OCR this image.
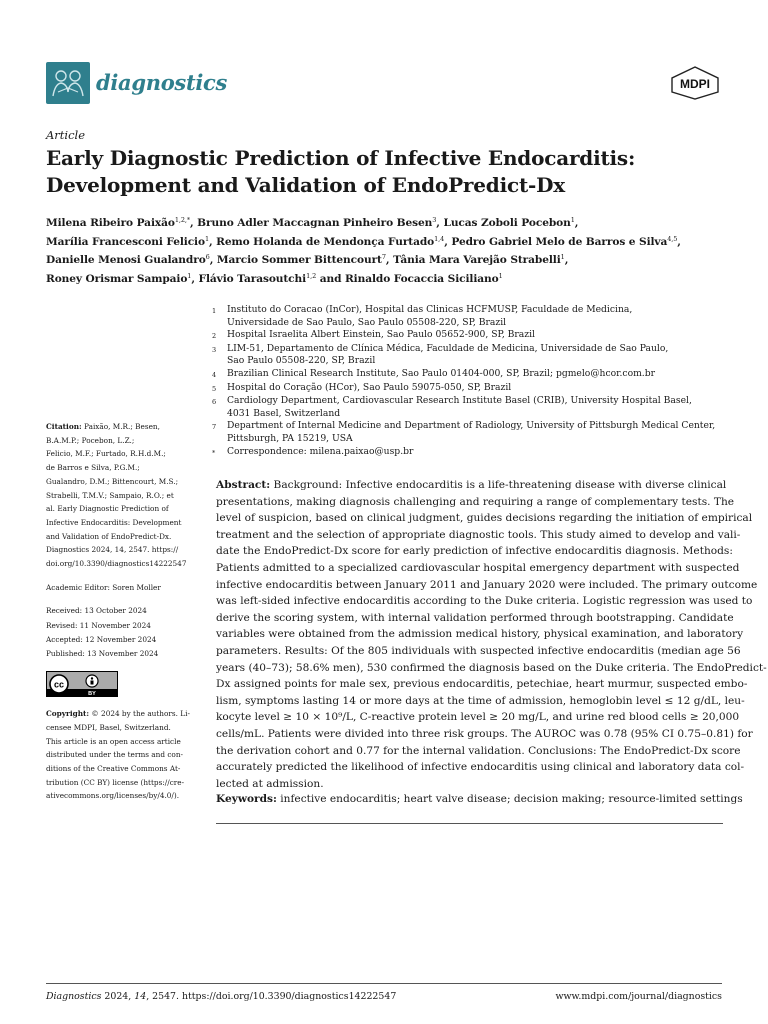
diagnostics	MDPI
Article
Early Diagnostic Prediction of Infective Endocarditis:
Development and Validation of EndoPredict-Dx
Milena Ribeiro Paixão$^{1,2,*}$, Bruno Adler Maccagnan Pinheiro Besen$^3$, Lucas Zoboli Pocebon$^1$,
Marília Francesconi Felicio$^1$, Remo Holanda de Mendonça Furtado$^{1,4}$, Pedro Gabriel Melo de Barros e Silva$^{4,5}$,
Danielle Menosi Gualandro$^6$, Marcio Sommer Bittencourt$^7$, Tânia Mara Varejão Strabelli$^1$,
Roney Orismar Sampaio$^1$, Flávio Tarasoutchi$^{1,2}$ and Rinaldo Focaccia Siciliano$^1$
1	Instituto do Coracao (InCor), Hospital das Clinicas HCFMUSP, Faculdade de Medicina,
Universidade de Sao Paulo, Sao Paulo 05508-220, SP, Brazil
2	Hospital Israelita Albert Einstein, Sao Paulo 05652-900, SP, Brazil
3	LIM-51, Departamento de Clínica Médica, Faculdade de Medicina, Universidade de Sao Paulo,
Sao Paulo 05508-220, SP, Brazil
4	Brazilian Clinical Research Institute, Sao Paulo 01404-000, SP, Brazil; pgmelo@hcor.com.br
5	Hospital do Coração (HCor), Sao Paulo 59075-050, SP, Brazil
6	Cardiology Department, Cardiovascular Research Institute Basel (CRIB), University Hospital Basel,
4031 Basel, Switzerland
7	Department of Internal Medicine and Department of Radiology, University of Pittsburgh Medical Center,
Pittsburgh, PA 15219, USA
*	Correspondence: milena.paixao@usp.br
Citation: Paixão, M.R.; Besen,
B.A.M.P.; Pocebon, L.Z.;
Felicio, M.F.; Furtado, R.H.d.M.;
de Barros e Silva, P.G.M.;
Gualandro, D.M.; Bittencourt, M.S.;
Strabelli, T.M.V.; Sampaio, R.O.; et
al. Early Diagnostic Prediction of
Infective Endocarditis: Development
and Validation of EndoPredict-Dx.
Diagnostics 2024, 14, 2547. https://
doi.org/10.3390/diagnostics14222547
Academic Editor: Soren Moller
Received: 13 October 2024
Revised: 11 November 2024
Accepted: 12 November 2024
Published: 13 November 2024
cc
BY
Copyright: © 2024 by the authors. Li-
censee MDPI, Basel, Switzerland.
This article is an open access article
distributed under the terms and con-
ditions of the Creative Commons At-
tribution (CC BY) license (https://cre-
ativecommons.org/licenses/by/4.0/).
Abstract: Background: Infective endocarditis is a life-threatening disease with diverse clinical
presentations, making diagnosis challenging and requiring a range of complementary tests. The
level of suspicion, based on clinical judgment, guides decisions regarding the initiation of empirical
treatment and the selection of appropriate diagnostic tools. This study aimed to develop and vali-
date the EndoPredict-Dx score for early prediction of infective endocarditis diagnosis. Methods:
Patients admitted to a specialized cardiovascular hospital emergency department with suspected
infective endocarditis between January 2011 and January 2020 were included. The primary outcome
was left-sided infective endocarditis according to the Duke criteria. Logistic regression was used to
derive the scoring system, with internal validation performed through bootstrapping. Candidate
variables were obtained from the admission medical history, physical examination, and laboratory
parameters. Results: Of the 805 individuals with suspected infective endocarditis (median age 56
years (40–73); 58.6% men), 530 confirmed the diagnosis based on the Duke criteria. The EndoPredict-
Dx assigned points for male sex, previous endocarditis, petechiae, heart murmur, suspected embo-
lism, symptoms lasting 14 or more days at the time of admission, hemoglobin level ≤ 12 g/dL, leu-
kocyte level ≥ 10 × 10⁹/L, C-reactive protein level ≥ 20 mg/L, and urine red blood cells ≥ 20,000
cells/mL. Patients were divided into three risk groups. The AUROC was 0.78 (95% CI 0.75–0.81) for
the derivation cohort and 0.77 for the internal validation. Conclusions: The EndoPredict-Dx score
accurately predicted the likelihood of infective endocarditis using clinical and laboratory data col-
lected at admission.
Keywords: infective endocarditis; heart valve disease; decision making; resource-limited settings
Diagnostics 2024, 14, 2547. https://doi.org/10.3390/diagnostics14222547	www.mdpi.com/journal/diagnostics
